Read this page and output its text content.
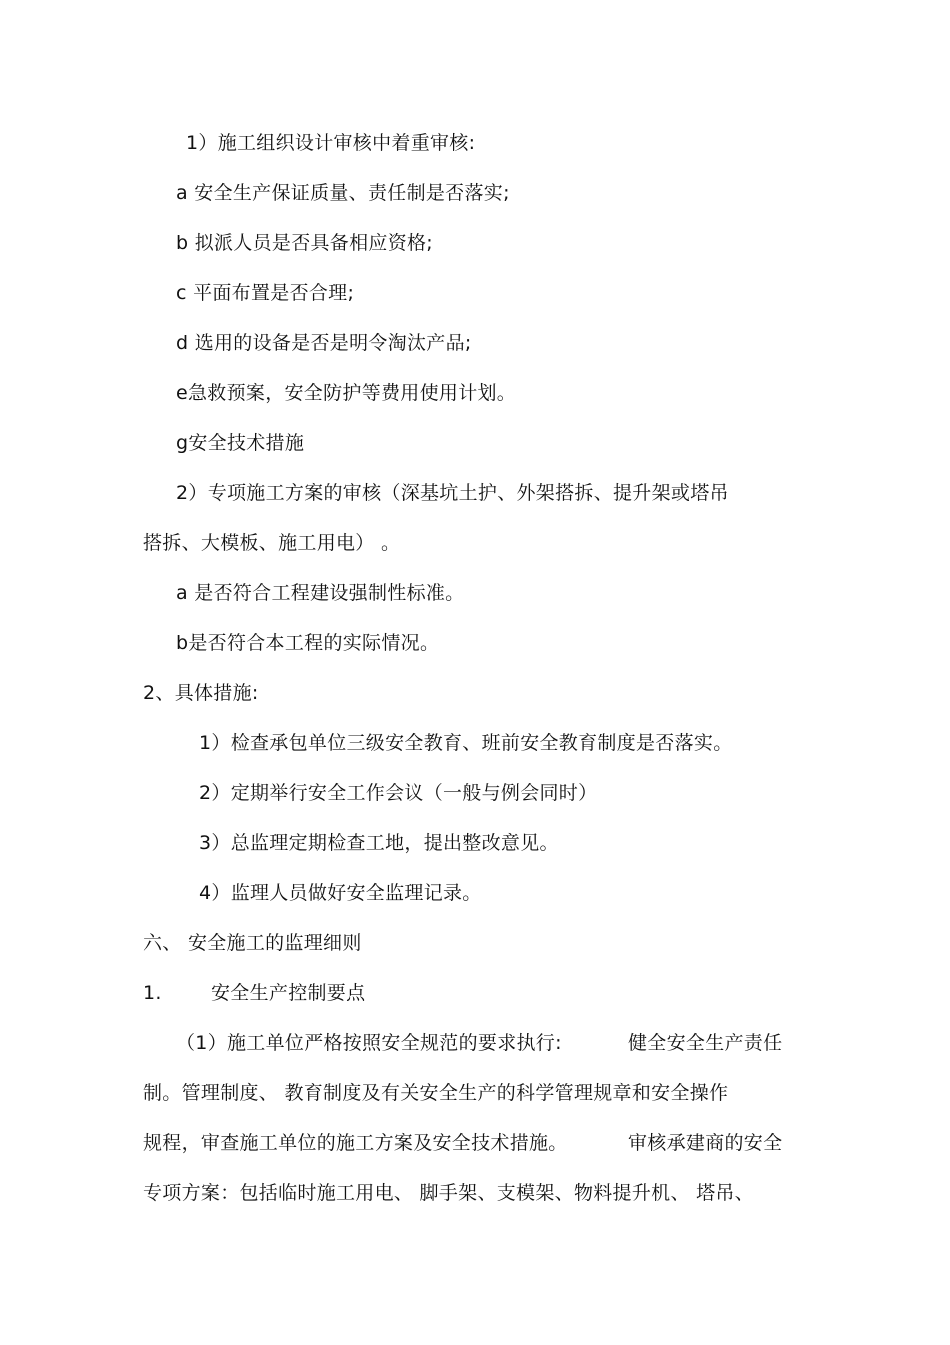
1）施工组织设计审核中着重审核:
a 安全生产保证质量、责任制是否落实;
b 拟派人员是否具备相应资格;
c 平面布置是否合理;
d 选用的设备是否是明令淘汰产品;
e急救预案，安全防护等费用使用计划。
g安全技术措施
2）专项施工方案的审核（深基坑土护、外架搭拆、提升架或塔吊
搭拆、大模板、施工用电） 。
a 是否符合工程建设强制性标准。
b是否符合本工程的实际情况。
2、具体措施:
1）检查承包单位三级安全教育、班前安全教育制度是否落实。
2）定期举行安全工作会议（一般与例会同时）
3）总监理定期检查工地，提出整改意见。
4）监理人员做好安全监理记录。
六、 安全施工的监理细则
1.	安全生产控制要点
（1）施工单位严格按照安全规范的要求执行:	健全安全生产责任
制。管理制度、 教育制度及有关安全生产的科学管理规章和安全操作
规程，审查施工单位的施工方案及安全技术措施。	审核承建商的安全
专项方案：包括临时施工用电、 脚手架、支模架、物料提升机、 塔吊、
